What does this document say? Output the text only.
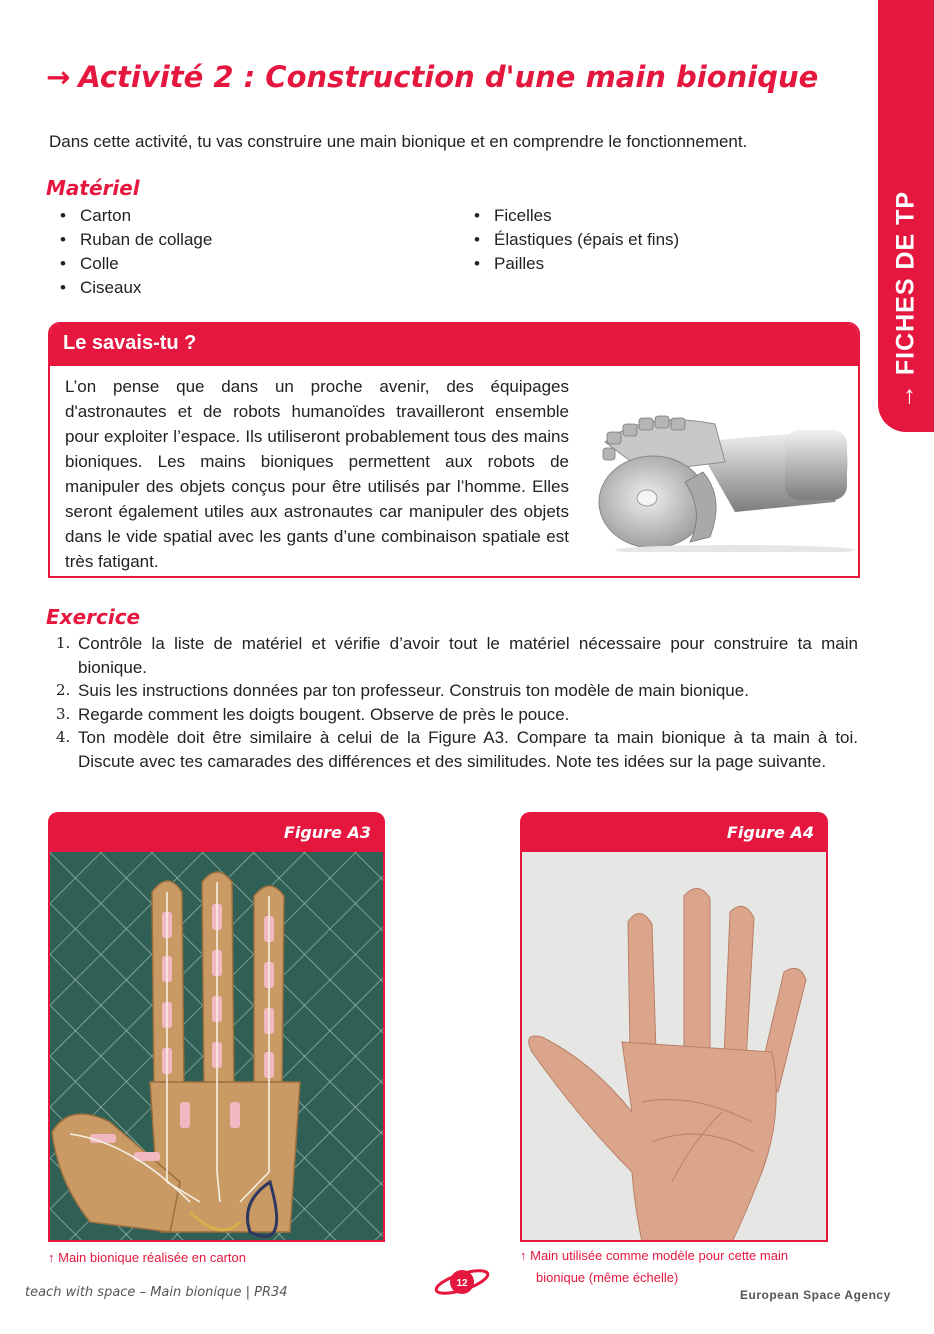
→ FICHES DE TP
→ Activité 2 : Construction d'une main bionique
Dans cette activité, tu vas construire une main bionique et en comprendre le fonctionnement.
Matériel
• Carton
• Ruban de collage
• Colle
• Ciseaux
• Ficelles
• Élastiques (épais et fins)
• Pailles
Le savais-tu ?
L’on pense que dans un proche avenir, des équipages d'astronautes et de robots humanoïdes travailleront ensemble pour exploiter l’espace. Ils utiliseront probablement tous des mains bioniques. Les mains bioniques permettent aux robots de manipuler des objets conçus pour être utilisés par l’homme. Elles seront également utiles aux astronautes car manipuler des objets dans le vide spatial avec les gants d’une combinaison spatiale est très fatigant.
Exercice
1. Contrôle la liste de matériel et vérifie d’avoir tout le matériel nécessaire pour construire ta main bionique.
2. Suis les instructions données par ton professeur. Construis ton modèle de main bionique.
3. Regarde comment les doigts bougent. Observe de près le pouce.
4. Ton modèle doit être similaire à celui de la Figure A3. Compare ta main bionique à ta main à toi. Discute avec tes camarades des différences et des similitudes. Note tes idées sur la page suivante.
Figure A3
↑ Main bionique réalisée en carton
Figure A4
↑ Main utilisée comme modèle pour cette main
bionique (même échelle)
teach with space – Main bionique | PR34
12
European Space Agency
